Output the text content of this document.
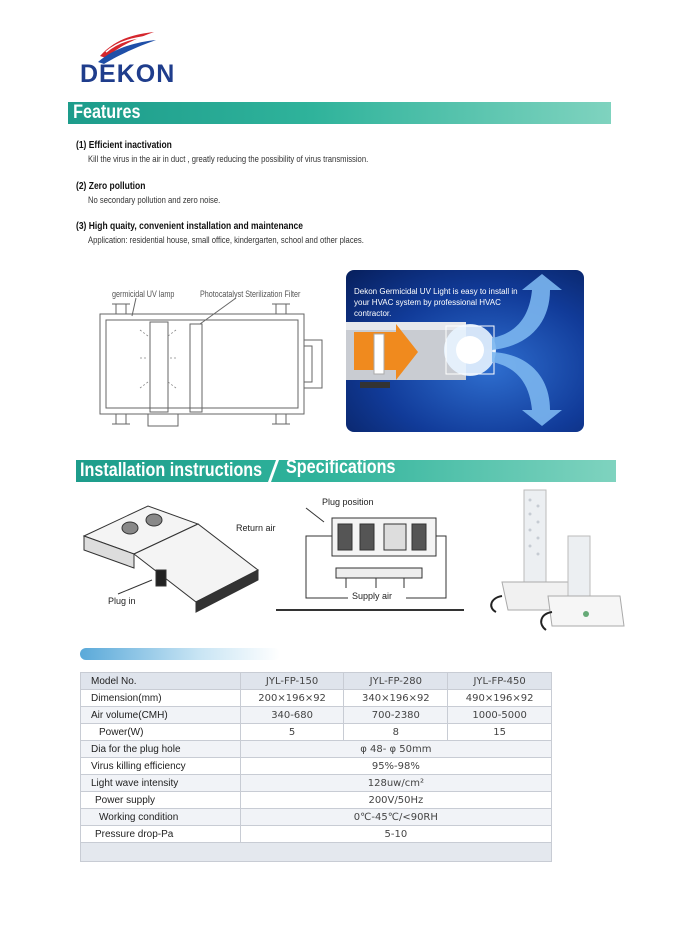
DEKON
Features
(1) Efficient inactivation
Kill the virus in the air in duct , greatly reducing the possibility of virus transmission.
(2) Zero pollution
No secondary pollution and zero noise.
(3) High quaity, convenient installation and maintenance
Application: residential house, small office, kindergarten, school and other places.
germicidal UV lamp	Photocatalyst Sterilization Filter	Dekon Germicidal UV Light is easy to install in your HVAC system by professional HVAC contractor.
Installation instructions Specifications
Return air
Plug in
Plug position
Supply air
Model No.	JYL-FP-150	JYL-FP-280	JYL-FP-450
Dimension(mm)	200×196×92	340×196×92	490×196×92
Air volume(CMH)	340-680	700-2380	1000-5000
Power(W)	5	8	15
Dia for the plug hole	φ 48- φ 50mm		
Virus killing efficiency	95%-98%		
Light wave intensity	128uw/cm²		
Power supply	200V/50Hz		
Working condition	0℃-45℃/<90RH		
Pressure drop-Pa	5-10		
